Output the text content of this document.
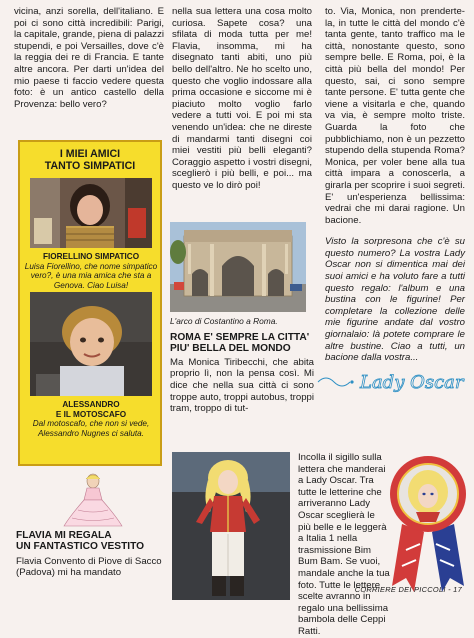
vicina, anzi sorella, dell'italiano. E poi ci sono città incredibili: Parigi, la capitale, grande, piena di palazzi stupendi, e poi Versailles, dove c'è la reggia dei re di Francia. E tante altre ancora. Per darti un'idea del mio paese ti faccio vedere questa foto: è un antico castello della Provenza: bello vero?

I MIEI AMICI
TANTO SIMPATICI
FIORELLINO SIMPATICO
Luisa Fiorellino, che nome simpatico vero?, è una mia amica che sta a Genova. Ciao Luisa!
ALESSANDRO
E IL MOTOSCAFO
Dal motoscafo, che non si vede, Alessandro Nugnes ci saluta.
FLAVIA MI REGALA
UN FANTASTICO VESTITO

Flavia Convento di Piove di Sacco (Padova) mi ha mandato

nella sua lettera una cosa molto curiosa. Sapete cosa? una sfilata di moda tutta per me! Flavia, insomma, mi ha disegnato tanti abiti, uno più bello dell'altro. Ne ho scelto uno, questo che voglio indossare alla prima occasione e siccome mi è piaciuto molto voglio farlo vedere a tutti voi. E poi mi sta venendo un'idea: che ne direste di mandarmi tanti disegni coi miei vestiti più belli eleganti? Coraggio aspetto i vostri disegni, sceglierò i più belli, e poi... ma questo ve lo dirò poi!

L'arco di Costantino a Roma.
ROMA E' SEMPRE LA CITTA'
PIU' BELLA DEL MONDO

Ma Monica Tiribecchi, che abita proprio lì, non la pensa così. Mi dice che nella sua città ci sono troppe auto, troppi autobus, troppi tram, troppo di tut-

Incolla il sigillo sulla lettera che manderai a Lady Oscar. Tra tutte le letterine che arriveranno Lady Oscar sceglierà le più belle e le leggerà a Italia 1 nella trasmissione Bim Bum Bam. Se vuoi, mandale anche la tua foto. Tutte le lettere scelte avranno in regalo una bellissima bambola delle Ceppi Ratti.

to. Via, Monica, non prenderte-la, in tutte le città del mondo c'è tanta gente, tanto traffico ma le città, nonostante questo, sono sempre belle. E Roma, poi, è la città più bella del mondo! Per questo, sai, ci sono sempre tante persone. E' tutta gente che viene a visitarla e che, quando va via, è sempre molto triste. Guarda la foto che pubblichiamo, non è un pezzetto stupendo della stupenda Roma? Monica, per voler bene alla tua città impara a conoscerla, a girarla per scoprire i suoi segreti. E' un'esperienza bellissima: vedrai che mi darai ragione. Un bacione.

Visto la sorpresona che c'è su questo numero? La vostra Lady Oscar non si dimentica mai dei suoi amici e ha voluto fare a tutti questo regalo: l'album e una bustina con le figurine! Per completare la collezione delle mie figurine andate dal vostro giornalaio: là potete comprare le altre bustine. Ciao a tutti, un bacione dalla vostra...

Lady Oscar
CORRIERE DEI PICCOLI - 17
